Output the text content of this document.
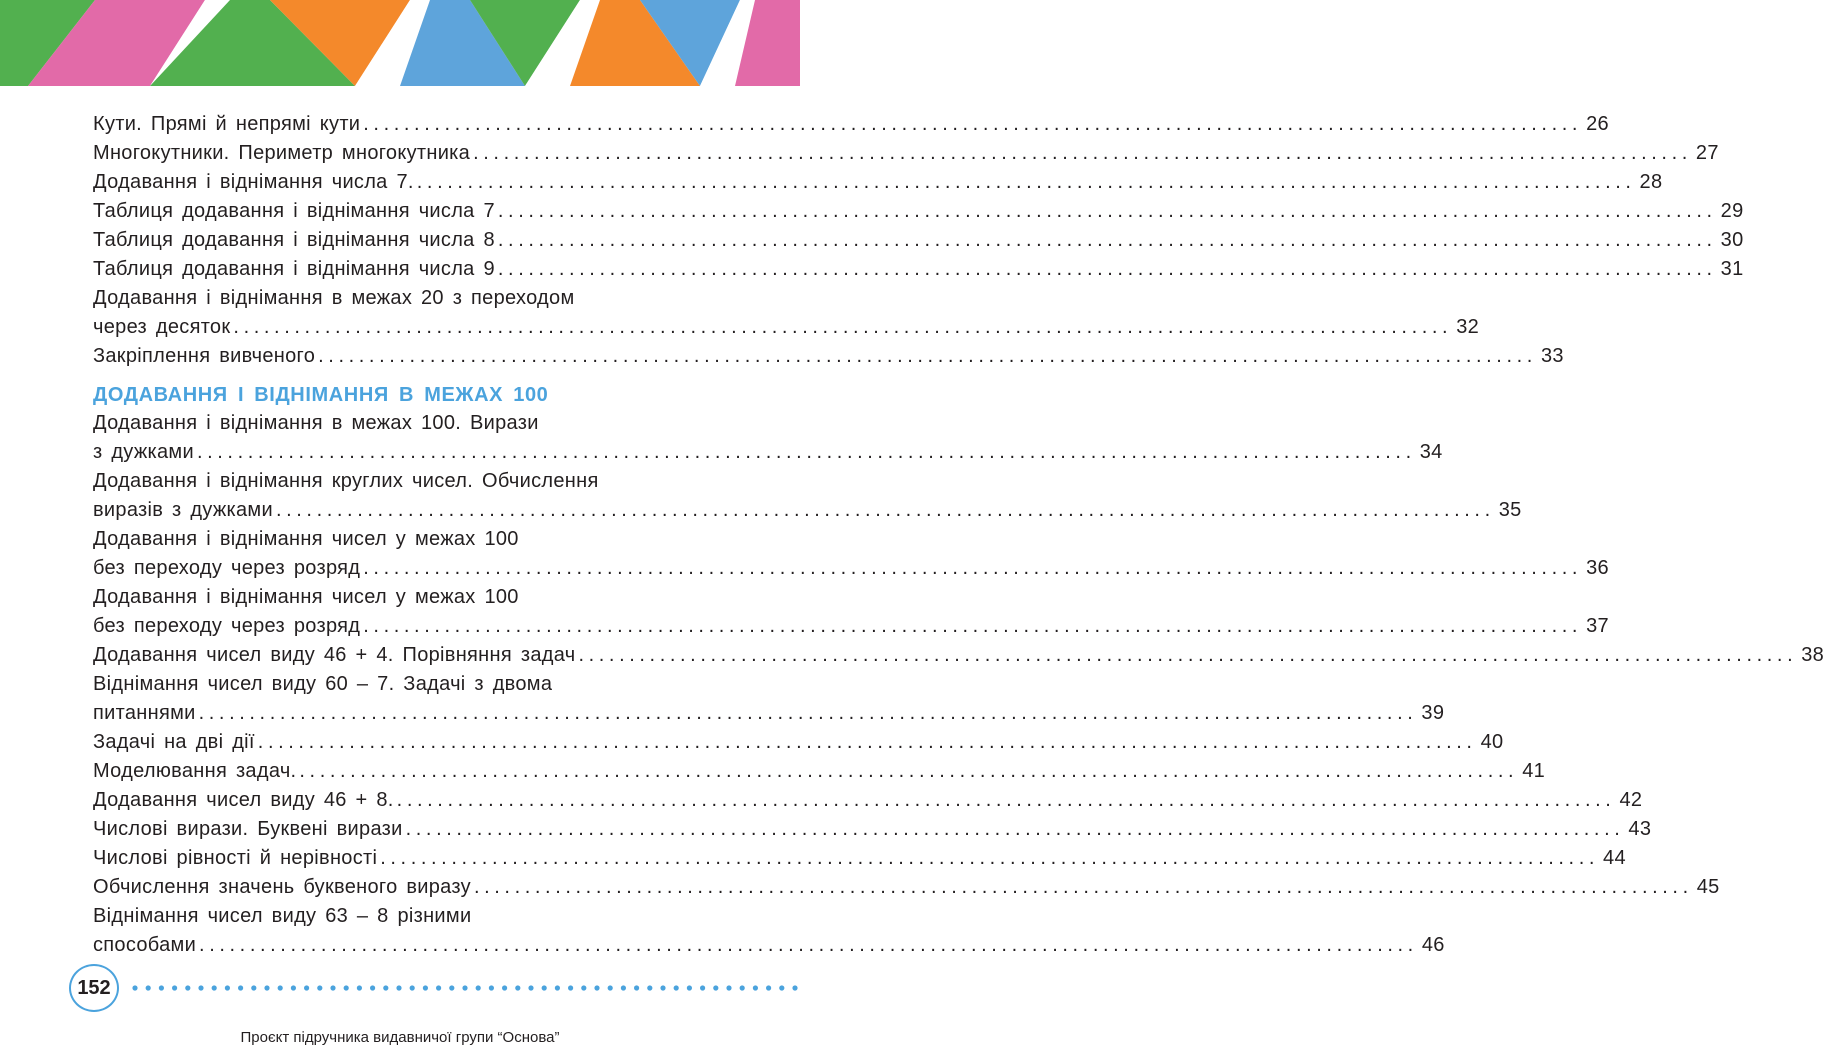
Кути. Прямі й непрямі кути ........................................................................................................................ 26
Многокутники. Периметр многокутника ........................................................................................................................ 27
Додавання і віднімання числа 7. ........................................................................................................................ 28
Таблиця додавання і віднімання числа 7 ........................................................................................................................ 29
Таблиця додавання і віднімання числа 8 ........................................................................................................................ 30
Таблиця додавання і віднімання числа 9 ........................................................................................................................ 31
Додавання і віднімання в межах 20 з переходом
через десяток ........................................................................................................................ 32
Закріплення вивченого ........................................................................................................................ 33
ДОДАВАННЯ І ВІДНІМАННЯ В МЕЖАХ 100
Додавання і віднімання в межах 100. Вирази
з дужками ........................................................................................................................ 34
Додавання і віднімання круглих чисел. Обчислення
виразів з дужками ........................................................................................................................ 35
Додавання і віднімання чисел у межах 100
без переходу через розряд ........................................................................................................................ 36
Додавання і віднімання чисел у межах 100
без переходу через розряд ........................................................................................................................ 37
Додавання чисел виду 46 + 4. Порівняння задач ........................................................................................................................ 38
Віднімання чисел виду 60 – 7. Задачі з двома
питаннями ........................................................................................................................ 39
Задачі на дві дії ........................................................................................................................ 40
Моделювання задач. ........................................................................................................................ 41
Додавання чисел виду 46 + 8. ........................................................................................................................ 42
Числові вирази. Буквені вирази ........................................................................................................................ 43
Числові рівності й нерівності ........................................................................................................................ 44
Обчислення значень буквеного виразу ........................................................................................................................ 45
Віднімання чисел виду 63 – 8 різними
способами ........................................................................................................................ 46
152
Проєкт підручника видавничої групи “Основа”
